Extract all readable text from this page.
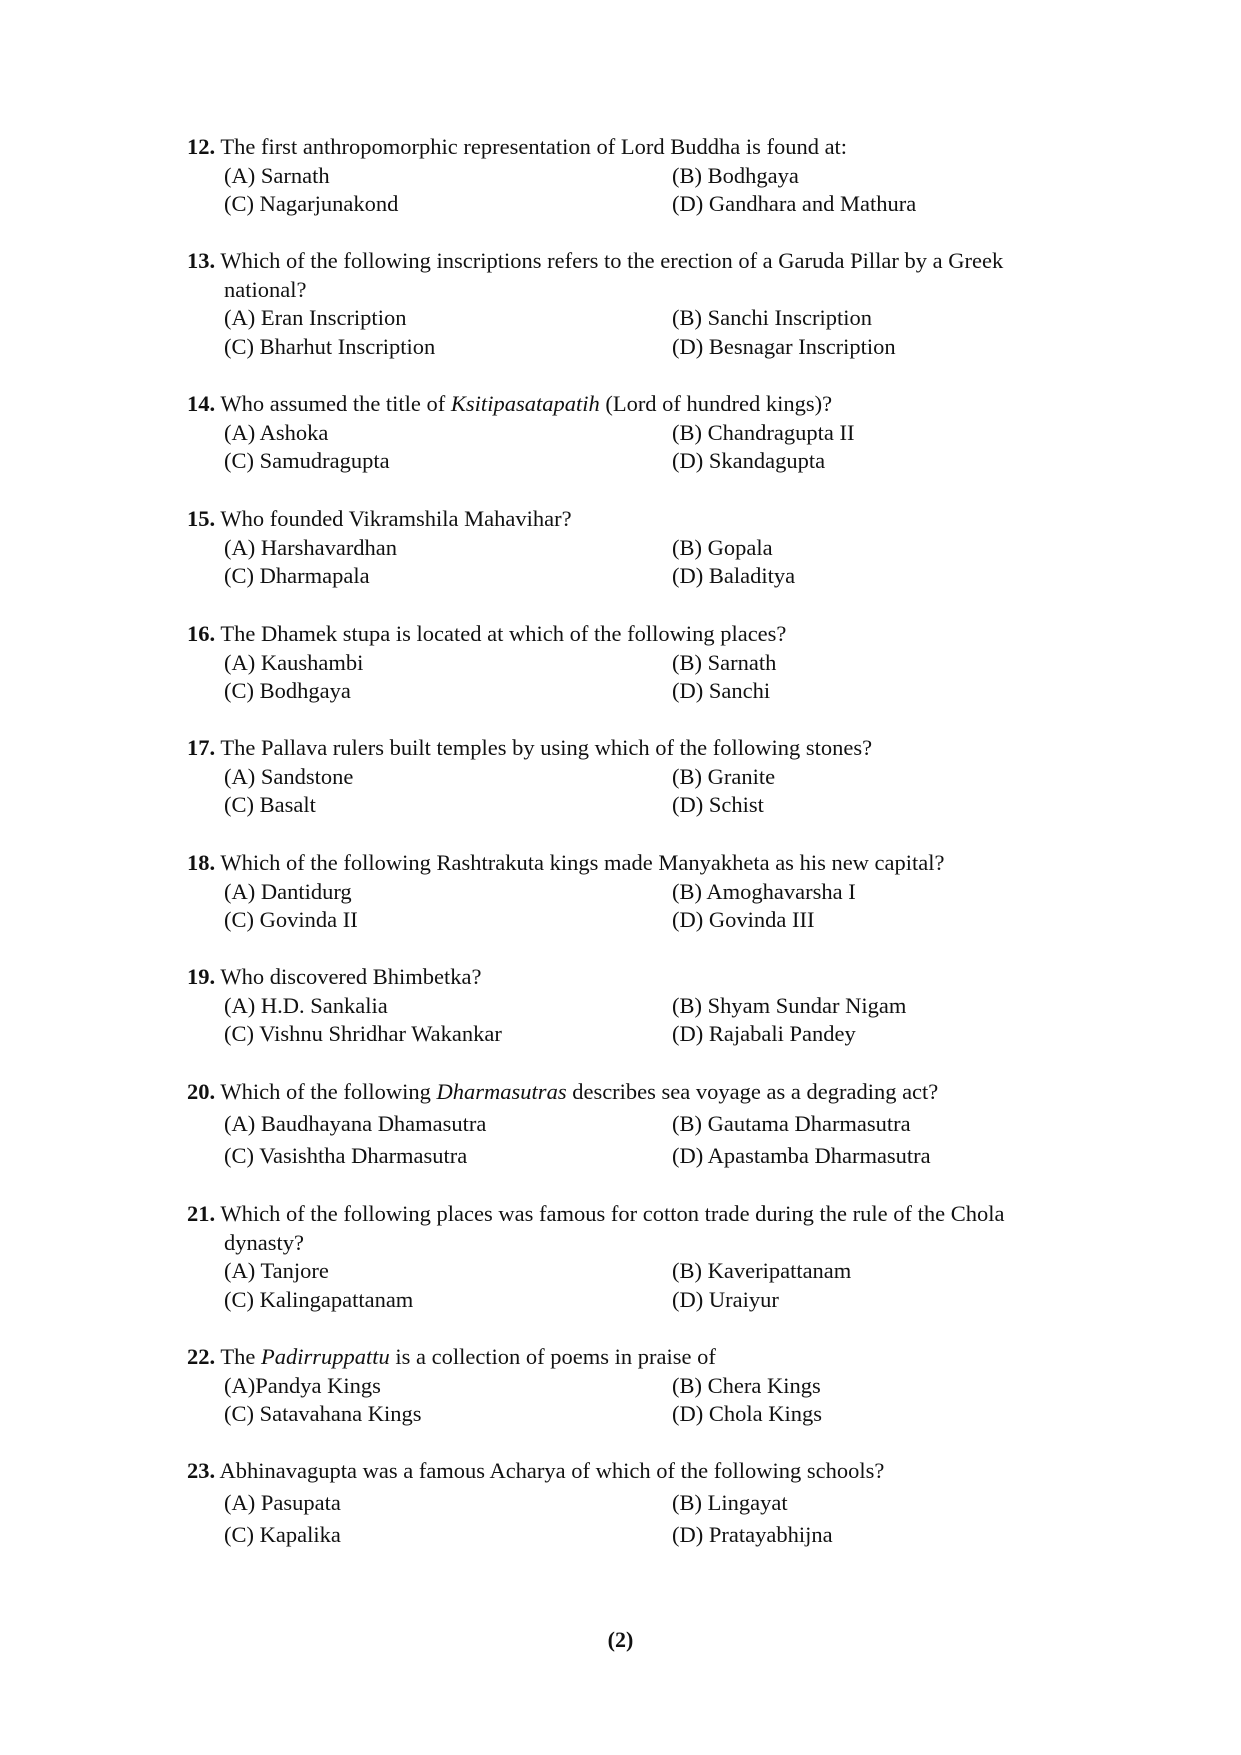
12. The first anthropomorphic representation of Lord Buddha is found at:
(A) Sarnath	(B) Bodhgaya
(C) Nagarjunakond	(D) Gandhara and Mathura
13. Which of the following inscriptions refers to the erection of a Garuda Pillar by a Greek
national?
(A) Eran Inscription	(B) Sanchi Inscription
(C) Bharhut Inscription	(D) Besnagar Inscription
14. Who assumed the title of Ksitipasatapatih (Lord of hundred kings)?
(A) Ashoka	(B) Chandragupta II
(C) Samudragupta	(D) Skandagupta
15. Who founded Vikramshila Mahavihar?
(A) Harshavardhan	(B) Gopala
(C) Dharmapala	(D) Baladitya
16. The Dhamek stupa is located at which of the following places?
(A) Kaushambi	(B) Sarnath
(C) Bodhgaya	(D) Sanchi
17. The Pallava rulers built temples by using which of the following stones?
(A) Sandstone	(B) Granite
(C) Basalt	(D) Schist
18. Which of the following Rashtrakuta kings made Manyakheta as his new capital?
(A) Dantidurg	(B) Amoghavarsha I
(C) Govinda II	(D) Govinda III
19. Who discovered Bhimbetka?
(A) H.D. Sankalia	(B) Shyam Sundar Nigam
(C) Vishnu Shridhar Wakankar	(D) Rajabali Pandey
20. Which of the following Dharmasutras describes sea voyage as a degrading act?
(A) Baudhayana Dhamasutra	(B) Gautama Dharmasutra
(C) Vasishtha Dharmasutra	(D) Apastamba Dharmasutra
21. Which of the following places was famous for cotton trade during the rule of the Chola
dynasty?
(A) Tanjore	(B) Kaveripattanam
(C) Kalingapattanam	(D) Uraiyur
22. The Padirruppattu is a collection of poems in praise of
(A)Pandya Kings	(B) Chera Kings
(C) Satavahana Kings	(D) Chola Kings
23. Abhinavagupta was a famous Acharya of which of the following schools?
(A) Pasupata	(B) Lingayat
(C) Kapalika	(D) Pratayabhijna
(2)
